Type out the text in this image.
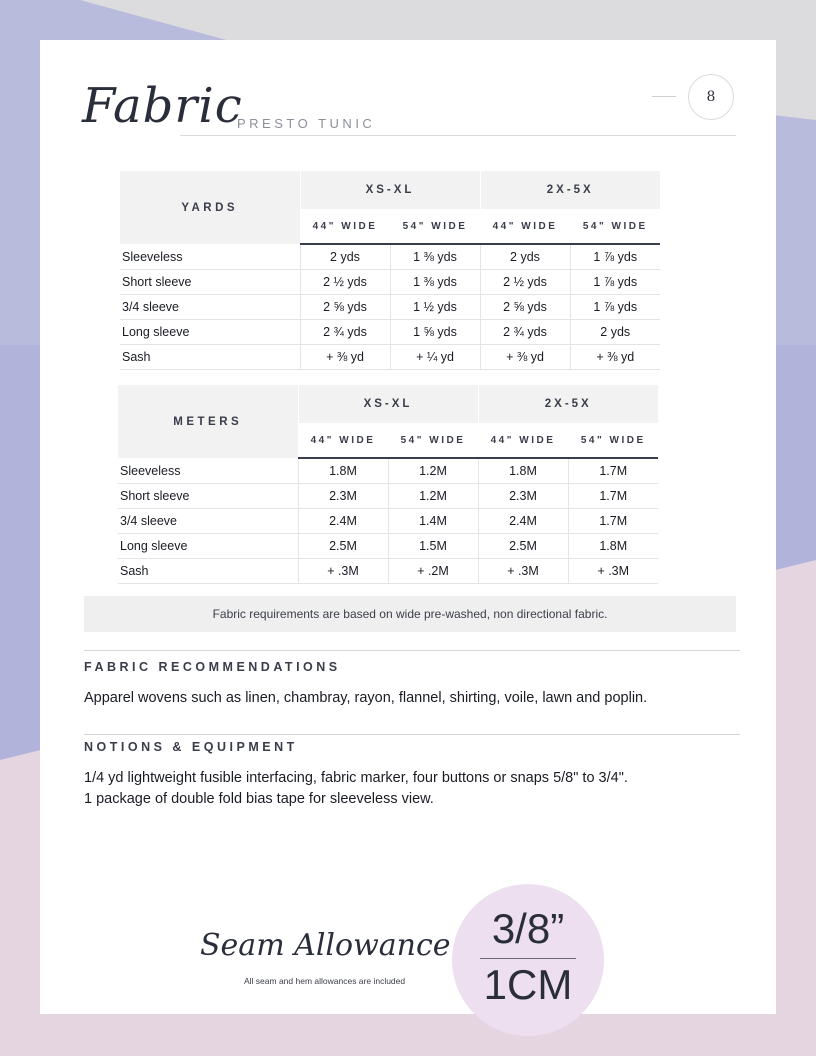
Fabric
PRESTO TUNIC
8
YARDS	XS-XL		2X-5X	
	44" WIDE	54" WIDE	44" WIDE	54" WIDE
Sleeveless	2 yds	1 ⅜ yds	2 yds	1 ⅞ yds
Short sleeve	2 ½ yds	1 ⅜ yds	2 ½ yds	1 ⅞ yds
3/4 sleeve	2 ⅝ yds	1 ½ yds	2 ⅝ yds	1 ⅞ yds
Long sleeve	2 ¾ yds	1 ⅝ yds	2 ¾ yds	2 yds
Sash	+ ⅜ yd	+ ¼ yd	+ ⅜ yd	+ ⅜ yd
METERS	XS-XL		2X-5X	
	44" WIDE	54" WIDE	44" WIDE	54" WIDE
Sleeveless	1.8M	1.2M	1.8M	1.7M
Short sleeve	2.3M	1.2M	2.3M	1.7M
3/4 sleeve	2.4M	1.4M	2.4M	1.7M
Long sleeve	2.5M	1.5M	2.5M	1.8M
Sash	+ .3M	+ .2M	+ .3M	+ .3M
Fabric requirements are based on wide pre-washed, non directional fabric.
FABRIC RECOMMENDATIONS
Apparel wovens such as linen, chambray, rayon, flannel, shirting, voile, lawn and poplin.
NOTIONS & EQUIPMENT
1/4 yd lightweight fusible interfacing, fabric marker, four buttons or snaps 5/8" to 3/4".
1 package of double fold bias tape for sleeveless view.
Seam Allowance
All seam and hem allowances are included
3/8”
1CM
